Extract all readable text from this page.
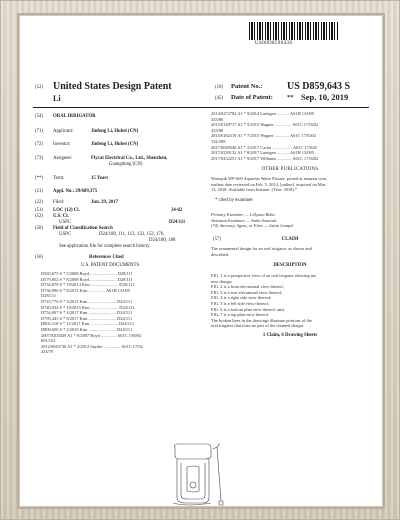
US00D859643S
(12) United States Design Patent
Li
(10) Patent No.: US D859,643 S
(45) Date of Patent: ** Sep. 10, 2019
(54) ORAL IRRIGATOR
(71) Applicant:	Jinfeng Li, Hubei (CN)
(72) Inventor:	Jinfeng Li, Hubei (CN)
(73) Assignee:	Flycat Electrical Co., Ltd., Shenzhen,
Guangdong (CN)
(**) Term:	15 Years
(21) Appl. No.: 29/609,375
(22) Filed:	Jun. 29, 2017
(51) LOC (12) Cl.	24-02
(52) U.S. Cl.
USPC	D24/111
(58) Field of Classification Search
USPC	D24/108, 111, 113, 133, 152, 176,
D24/180, 188
See application file for complete search history.
(56)	References Cited
U.S. PATENT DOCUMENTS
D565,675 S * 5/2008 Boyd ........................ D28/111
D579,852 S * 8/2008 Boyd ........................ D28/111
D734,879 S * 10/2014 Kim ......................... D28/111
D736,996 S * 8/2015 Kim ............... A61H 13/005
D28/111
D725,776 S * 3/2015 Kim ......................... D24/111
D740,034 S * 10/2015 Kim ......................... D24/111
D754,097 S * 4/2017 Kim ......................... D24/111
D795,441 S * 8/2017 Kim ......................... D24/111
D802,118 S * 11/2017 Kim ......................... D24/111
D809,650 S * 2/2019 Kim ......................... D24/111
2007/0203439 A1 * 8/2007 Boyd .............. A61C 1/0084
601/162
2012/0045730 A1 * 2/2012 Snyder ............... A61C 17/02
433/79
2014/0272782 A1 * 9/2014 Luettgen ........... A61H 13/005
433/80
2015/0140717 A1 * 5/2015 Wagner ............... A61C 17/0202
433/80
2015/0182319 A1 * 7/2015 Wagner ............. A61C 17/0202
132/308
2017/0049540 A1 * 2/2017 Cacka .................. A61C 17/028
2017/0239132 A1 * 8/2017 Luettgen ........... A61H 13/005
2017/0252251 A1 * 9/2017 Williams ............. A61C 17/0202
OTHER PUBLICATIONS
Waterpik WP-660 Aquarius Water Flosser, posted at amazon.com,
earliest date reviewed on Feb. 5, 2014, [online], acquired on Mar.
13, 2018. Available from Internet. (Year: 2018).*
* cited by examiner
Primary Examiner — Lillyana Bekic
Assistant Examiner — Anila Sonurak
(74) Attorney, Agent, or Firm — Justin Lampel
(57)	CLAIM
The ornamental design for an oral irrigator, as shown and
described.
DESCRIPTION
FIG. 1 is a perspective view of an oral irrigator showing my
new design;
FIG. 2 is a front elevational view thereof;
FIG. 3 is a rear elevational view thereof;
FIG. 4 is a right side view thereof;
FIG. 5 is a left side view thereof;
FIG. 6 is a bottom plan view thereof; and,
FIG. 7 is a top plan view thereof.
The broken lines in the drawings illustrate portions of the
oral irrigator that form no part of the claimed design.
1 Claim, 6 Drawing Sheets
